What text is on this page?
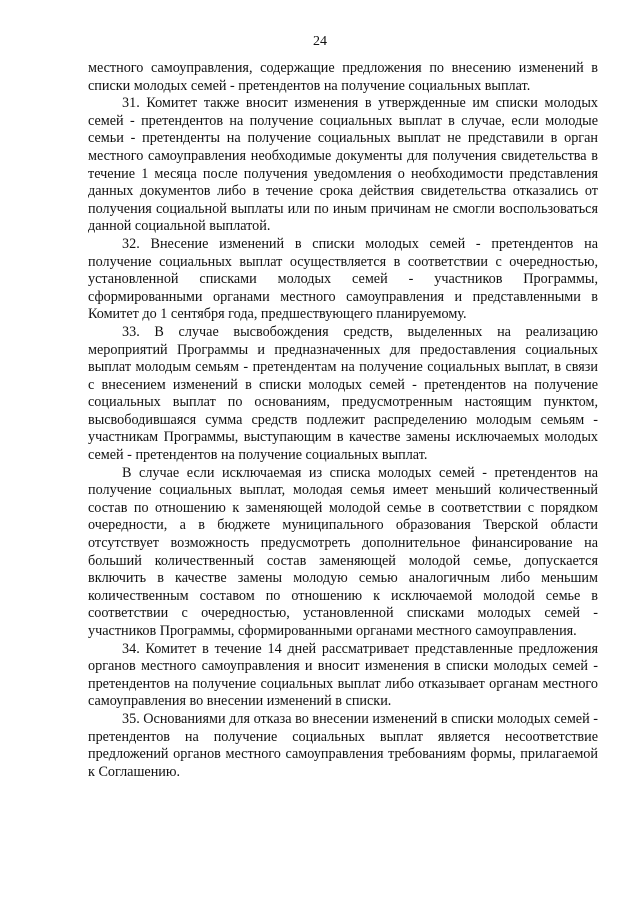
24

местного самоуправления, содержащие предложения по внесению изменений в списки молодых семей - претендентов на получение социальных выплат.

31. Комитет также вносит изменения в утвержденные им списки молодых семей - претендентов на получение социальных выплат в случае, если молодые семьи - претенденты на получение социальных выплат не представили в орган местного самоуправления необходимые документы для получения свидетельства в течение 1 месяца после получения уведомления о необходимости представления данных документов либо в течение срока действия свидетельства отказались от получения социальной выплаты или по иным причинам не смогли воспользоваться данной социальной выплатой.

32. Внесение изменений в списки молодых семей - претендентов на получение социальных выплат осуществляется в соответствии с очередностью, установленной списками молодых семей - участников Программы, сформированными органами местного самоуправления и представленными в Комитет до 1 сентября года, предшествующего планируемому.

33. В случае высвобождения средств, выделенных на реализацию мероприятий Программы и предназначенных для предоставления социальных выплат молодым семьям - претендентам на получение социальных выплат, в связи с внесением изменений в списки молодых семей - претендентов на получение социальных выплат по основаниям, предусмотренным настоящим пунктом, высвободившаяся сумма средств подлежит распределению молодым семьям - участникам Программы, выступающим в качестве замены исключаемых молодых семей - претендентов на получение социальных выплат.

В случае если исключаемая из списка молодых семей - претендентов на получение социальных выплат, молодая семья имеет меньший количественный состав по отношению к заменяющей молодой семье в соответствии с порядком очередности, а в бюджете муниципального образования Тверской области отсутствует возможность предусмотреть дополнительное финансирование на больший количественный состав заменяющей молодой семье, допускается включить в качестве замены молодую семью аналогичным либо меньшим количественным составом по отношению к исключаемой молодой семье в соответствии с очередностью, установленной списками молодых семей - участников Программы, сформированными органами местного самоуправления.

34. Комитет в течение 14 дней рассматривает представленные предложения органов местного самоуправления и вносит изменения в списки молодых семей - претендентов на получение социальных выплат либо отказывает органам местного самоуправления во внесении изменений в списки.

35. Основаниями для отказа во внесении изменений в списки молодых семей - претендентов на получение социальных выплат является несоответствие предложений органов местного самоуправления требованиям формы, прилагаемой к Соглашению.
